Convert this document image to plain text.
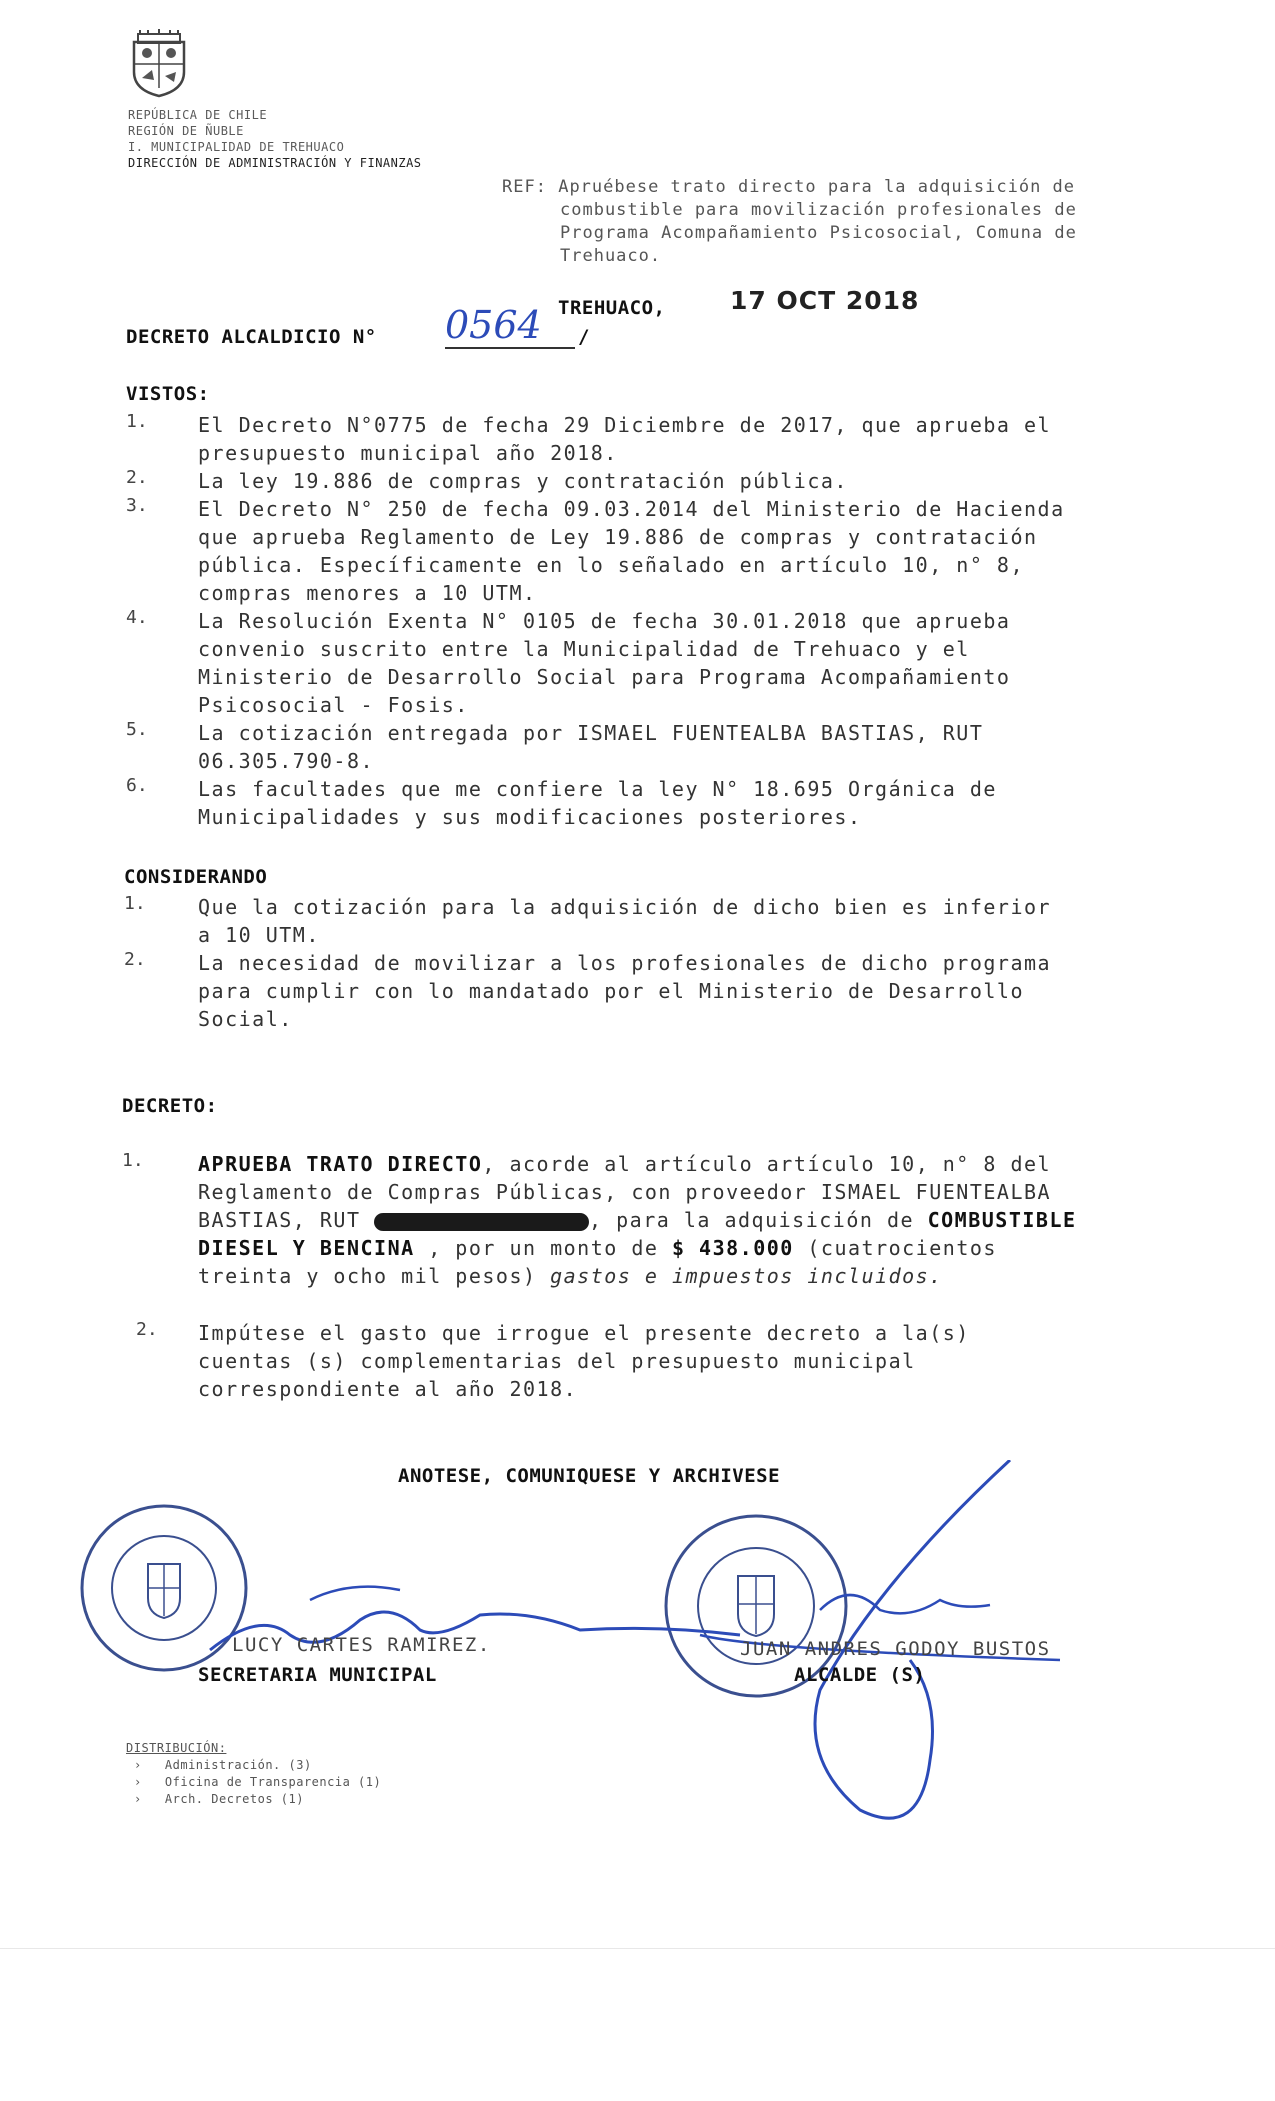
REPÚBLICA DE CHILE
REGIÓN DE ÑUBLE
I. MUNICIPALIDAD DE TREHUACO
DIRECCIÓN DE ADMINISTRACIÓN Y FINANZAS
REF: Apruébese trato directo para la adquisición de
combustible para movilización profesionales de
Programa Acompañamiento Psicosocial, Comuna de
Trehuaco.
TREHUACO,	17 OCT 2018
DECRETO ALCALDICIO N° 0564	/
VISTOS:
1.	El Decreto N°0775 de fecha 29 Diciembre de 2017, que aprueba el
presupuesto municipal año 2018.
2.	La ley 19.886 de compras y contratación pública.
3.	El Decreto N° 250 de fecha 09.03.2014 del Ministerio de Hacienda
que aprueba Reglamento de Ley 19.886 de compras y contratación
pública. Específicamente en lo señalado en artículo 10, n° 8,
compras menores a 10 UTM.
4.	La Resolución Exenta N° 0105 de fecha 30.01.2018 que aprueba
convenio suscrito entre la Municipalidad de Trehuaco y el
Ministerio de Desarrollo Social para Programa Acompañamiento
Psicosocial - Fosis.
5.	La cotización entregada por ISMAEL FUENTEALBA BASTIAS, RUT
06.305.790-8.
6.	Las facultades que me confiere la ley N° 18.695 Orgánica de
Municipalidades y sus modificaciones posteriores.
CONSIDERANDO
1.	Que la cotización para la adquisición de dicho bien es inferior
a 10 UTM.
2.	La necesidad de movilizar a los profesionales de dicho programa
para cumplir con lo mandatado por el Ministerio de Desarrollo
Social.
DECRETO:
1.	APRUEBA TRATO DIRECTO, acorde al artículo artículo 10, n° 8 del
Reglamento de Compras Públicas, con proveedor ISMAEL FUENTEALBA
BASTIAS, RUT	, para la adquisición de COMBUSTIBLE
DIESEL Y BENCINA , por un monto de $ 438.000 (cuatrocientos
treinta y ocho mil pesos) gastos e impuestos incluidos.
2.	Impútese el gasto que irrogue el presente decreto a la(s)
cuentas (s) complementarias del presupuesto municipal
correspondiente al año 2018.
ANOTESE, COMUNIQUESE Y ARCHIVESE
LUCY CARTES RAMIREZ.
SECRETARIA MUNICIPAL
JUAN ANDRES GODOY BUSTOS
ALCALDE (S)
DISTRIBUCIÓN:
›   Administración. (3)
›   Oficina de Transparencia (1)
›   Arch. Decretos (1)
